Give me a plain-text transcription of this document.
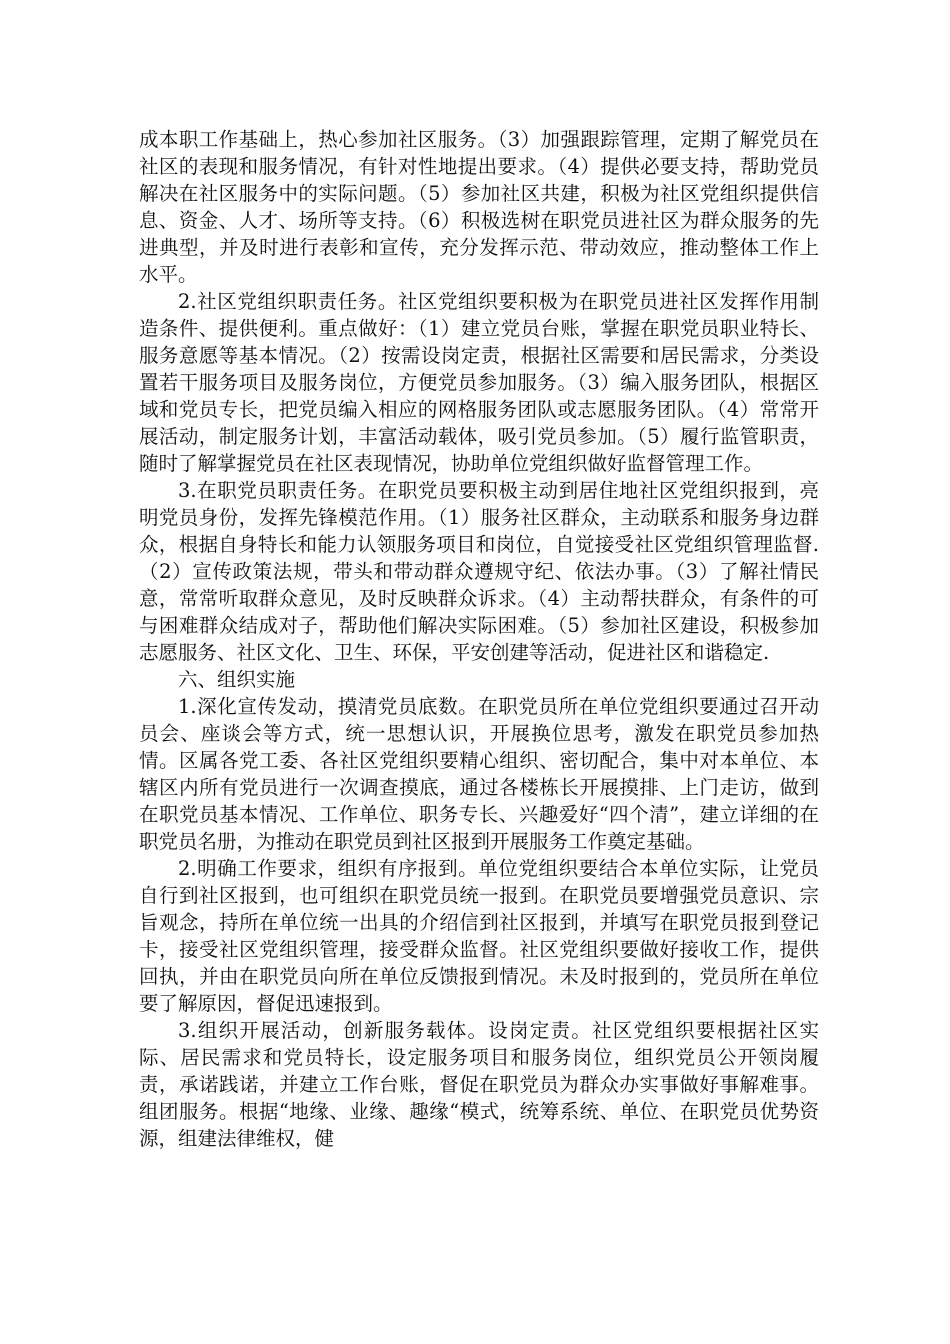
成本职工作基础上，热心参加社区服务。（3）加强跟踪管理，定期了解党员在社区的表现和服务情况，有针对性地提出要求。（4）提供必要支持，帮助党员解决在社区服务中的实际问题。（5）参加社区共建，积极为社区党组织提供信息、资金、人才、场所等支持。（6）积极选树在职党员进社区为群众服务的先进典型，并及时进行表彰和宣传，充分发挥示范、带动效应，推动整体工作上水平。

2.社区党组织职责任务。社区党组织要积极为在职党员进社区发挥作用制造条件、提供便利。重点做好：（1）建立党员台账，掌握在职党员职业特长、服务意愿等基本情况。（2）按需设岗定责，根据社区需要和居民需求，分类设置若干服务项目及服务岗位，方便党员参加服务。（3）编入服务团队，根据区域和党员专长，把党员编入相应的网格服务团队或志愿服务团队。（4）常常开展活动，制定服务计划，丰富活动载体，吸引党员参加。（5）履行监管职责，随时了解掌握党员在社区表现情况，协助单位党组织做好监督管理工作。

3.在职党员职责任务。在职党员要积极主动到居住地社区党组织报到，亮明党员身份，发挥先锋模范作用。（1）服务社区群众，主动联系和服务身边群众，根据自身特长和能力认领服务项目和岗位，自觉接受社区党组织管理监督.（2）宣传政策法规，带头和带动群众遵规守纪、依法办事。（3）了解社情民意，常常听取群众意见，及时反映群众诉求。（4）主动帮扶群众，有条件的可与困难群众结成对子，帮助他们解决实际困难。（5）参加社区建设，积极参加志愿服务、社区文化、卫生、环保，平安创建等活动，促进社区和谐稳定.

六、组织实施

1.深化宣传发动，摸清党员底数。在职党员所在单位党组织要通过召开动员会、座谈会等方式，统一思想认识，开展换位思考，激发在职党员参加热情。区属各党工委、各社区党组织要精心组织、密切配合，集中对本单位、本辖区内所有党员进行一次调查摸底，通过各楼栋长开展摸排、上门走访，做到在职党员基本情况、工作单位、职务专长、兴趣爱好“四个清”，建立详细的在职党员名册，为推动在职党员到社区报到开展服务工作奠定基础。

2.明确工作要求，组织有序报到。单位党组织要结合本单位实际，让党员自行到社区报到，也可组织在职党员统一报到。在职党员要增强党员意识、宗旨观念，持所在单位统一出具的介绍信到社区报到，并填写在职党员报到登记卡，接受社区党组织管理，接受群众监督。社区党组织要做好接收工作，提供回执，并由在职党员向所在单位反馈报到情况。未及时报到的，党员所在单位要了解原因，督促迅速报到。

3.组织开展活动，创新服务载体。设岗定责。社区党组织要根据社区实际、居民需求和党员特长，设定服务项目和服务岗位，组织党员公开领岗履责，承诺践诺，并建立工作台账，督促在职党员为群众办实事做好事解难事。组团服务。根据“地缘、业缘、趣缘“模式，统筹系统、单位、在职党员优势资源，组建法律维权，健
